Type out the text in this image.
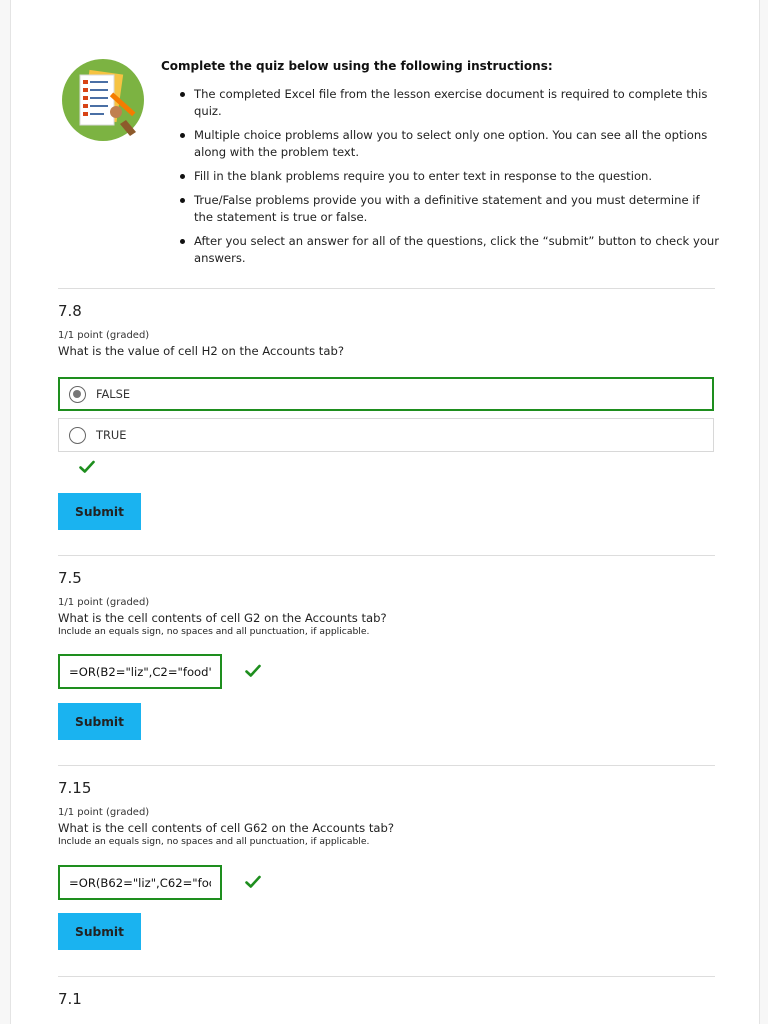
Complete the quiz below using the following instructions:
The completed Excel file from the lesson exercise document is required to complete this quiz.
Multiple choice problems allow you to select only one option. You can see all the options along with the problem text.
Fill in the blank problems require you to enter text in response to the question.
True/False problems provide you with a definitive statement and you must determine if the statement is true or false.
After you select an answer for all of the questions, click the “submit” button to check your answers.
7.8
1/1 point (graded)
What is the value of cell H2 on the Accounts tab?
FALSE
TRUE
Submit
7.5
1/1 point (graded)
What is the cell contents of cell G2 on the Accounts tab?
Include an equals sign, no spaces and all punctuation, if applicable.
=OR(B2="liz",C2="food")
Submit
7.15
1/1 point (graded)
What is the cell contents of cell G62 on the Accounts tab?
Include an equals sign, no spaces and all punctuation, if applicable.
=OR(B62="liz",C62="food
Submit
7.1
